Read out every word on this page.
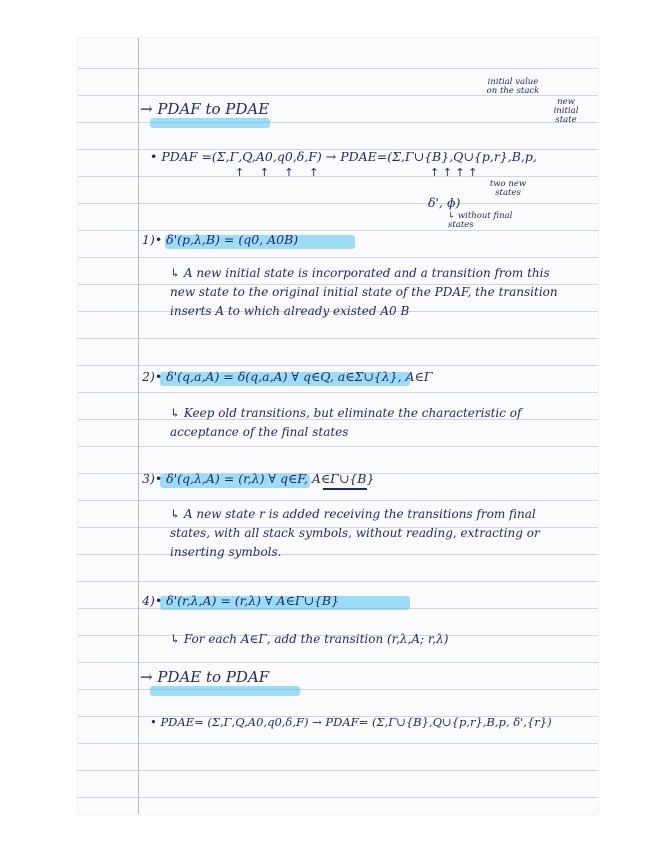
→ PDAF to PDAE
initial value on the stack
new initial state
• PDAF =(Σ,Γ,Q,A0,q0,δ,F) → PDAE=(Σ,Γ∪{B},Q∪{p,r},B,p,
↑ ↑ ↑ ↑	↑ ↑ ↑ ↑
two new states
δ', ɸ)
↳ without final states
1)• δ'(p,λ,B) = (q0, A0B)
↳ A new initial state is incorporated and a transition from this new state to the original initial state of the PDAF, the transition inserts A to which already existed A0 B
2)• δ'(q,a,A) = δ(q,a,A) ∀ q∈Q, a∈Σ∪{λ}, A∈Γ
↳ Keep old transitions, but eliminate the characteristic of acceptance of the final states
3)• δ'(q,λ,A) = (r,λ) ∀ q∈F, A∈Γ∪{B}
↳ A new state r is added receiving the transitions from final states, with all stack symbols, without reading, extracting or inserting symbols.
4)• δ'(r,λ,A) = (r,λ) ∀ A∈Γ∪{B}
↳ For each A∈Γ, add the transition (r,λ,A; r,λ)
→ PDAE to PDAF
• PDAE= (Σ,Γ,Q,A0,q0,δ,F) → PDAF= (Σ,Γ∪{B},Q∪{p,r},B,p, δ',{r})
